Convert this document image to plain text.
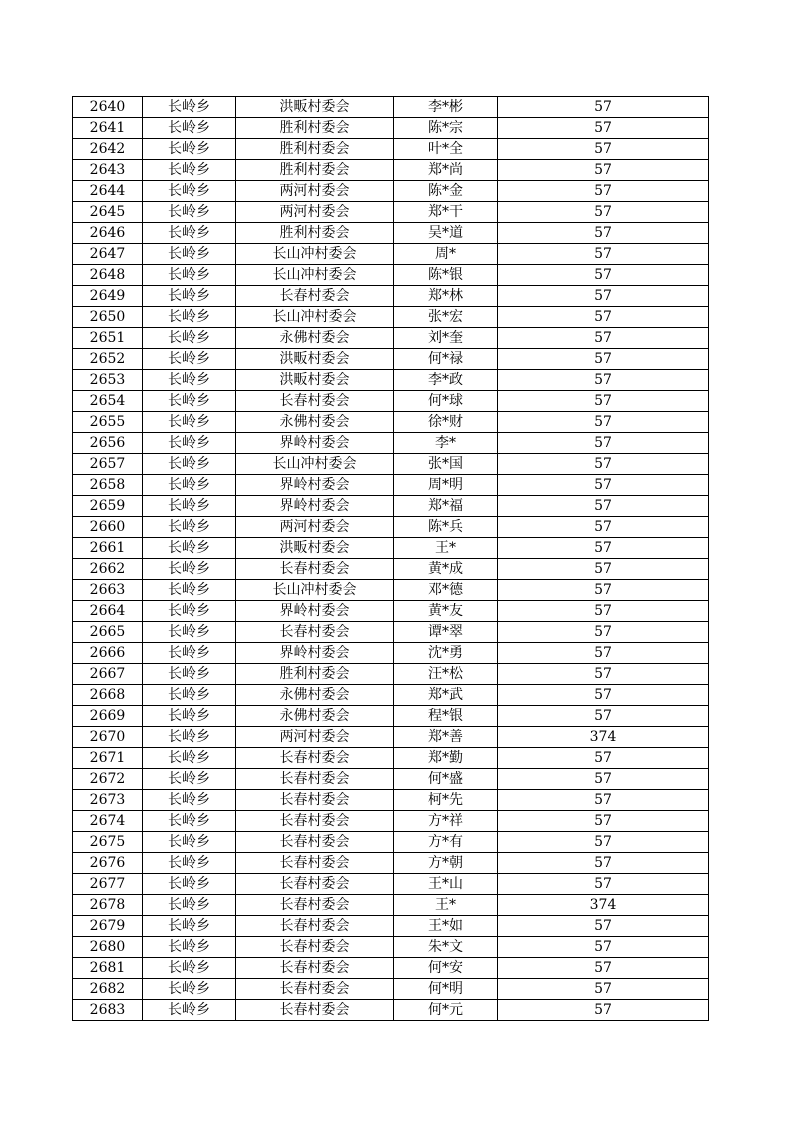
2640	长岭乡	洪畈村委会	李*彬	57
2641	长岭乡	胜利村委会	陈*宗	57
2642	长岭乡	胜利村委会	叶*全	57
2643	长岭乡	胜利村委会	郑*尚	57
2644	长岭乡	两河村委会	陈*金	57
2645	长岭乡	两河村委会	郑*干	57
2646	长岭乡	胜利村委会	吴*道	57
2647	长岭乡	长山冲村委会	周*	57
2648	长岭乡	长山冲村委会	陈*银	57
2649	长岭乡	长春村委会	郑*林	57
2650	长岭乡	长山冲村委会	张*宏	57
2651	长岭乡	永佛村委会	刘*奎	57
2652	长岭乡	洪畈村委会	何*禄	57
2653	长岭乡	洪畈村委会	李*政	57
2654	长岭乡	长春村委会	何*球	57
2655	长岭乡	永佛村委会	徐*财	57
2656	长岭乡	界岭村委会	李*	57
2657	长岭乡	长山冲村委会	张*国	57
2658	长岭乡	界岭村委会	周*明	57
2659	长岭乡	界岭村委会	郑*福	57
2660	长岭乡	两河村委会	陈*兵	57
2661	长岭乡	洪畈村委会	王*	57
2662	长岭乡	长春村委会	黄*成	57
2663	长岭乡	长山冲村委会	邓*德	57
2664	长岭乡	界岭村委会	黄*友	57
2665	长岭乡	长春村委会	谭*翠	57
2666	长岭乡	界岭村委会	沈*勇	57
2667	长岭乡	胜利村委会	汪*松	57
2668	长岭乡	永佛村委会	郑*武	57
2669	长岭乡	永佛村委会	程*银	57
2670	长岭乡	两河村委会	郑*善	374
2671	长岭乡	长春村委会	郑*勤	57
2672	长岭乡	长春村委会	何*盛	57
2673	长岭乡	长春村委会	柯*先	57
2674	长岭乡	长春村委会	方*祥	57
2675	长岭乡	长春村委会	方*有	57
2676	长岭乡	长春村委会	方*朝	57
2677	长岭乡	长春村委会	王*山	57
2678	长岭乡	长春村委会	王*	374
2679	长岭乡	长春村委会	王*如	57
2680	长岭乡	长春村委会	朱*文	57
2681	长岭乡	长春村委会	何*安	57
2682	长岭乡	长春村委会	何*明	57
2683	长岭乡	长春村委会	何*元	57
